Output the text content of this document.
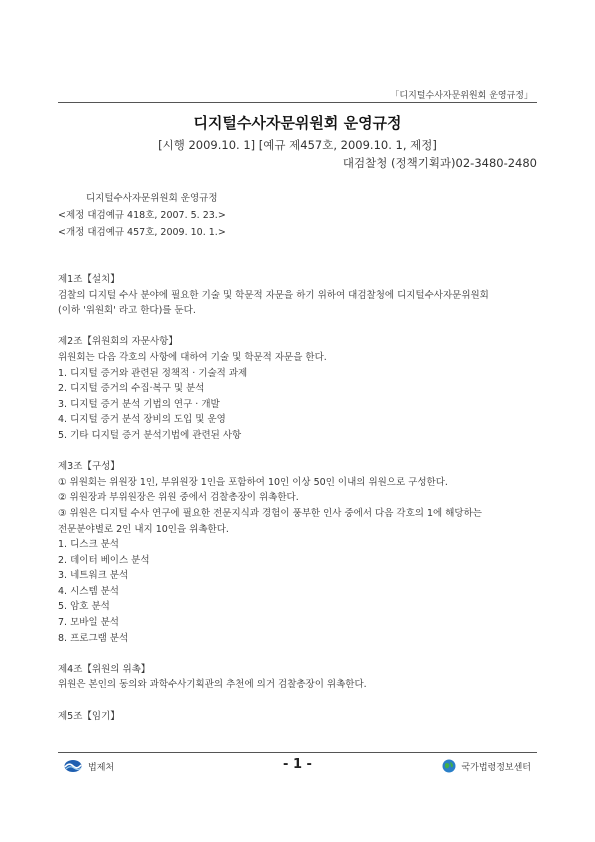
「디지털수사자문위원회 운영규정」
디지털수사자문위원회 운영규정
[시행 2009.10. 1] [예규 제457호, 2009.10. 1, 제정]
대검찰청 (정책기획과)02-3480-2480
디지털수사자문위원회 운영규정
<제정 대검예규 418호, 2007. 5. 23.>
<개정 대검예규 457호, 2009. 10. 1.>
제1조【설치】
검찰의 디지털 수사 분야에 필요한 기술 및 학문적 자문을 하기 위하여 대검찰청에 디지털수사자문위원회
(이하 '위원회' 라고 한다)를 둔다.
제2조【위원회의 자문사항】
위원회는 다음 각호의 사항에 대하여 기술 및 학문적 자문을 한다.
1. 디지털 증거와 관련된 정책적 · 기술적 과제
2. 디지털 증거의 수집·복구 및 분석
3. 디지털 증거 분석 기법의 연구 · 개발
4. 디지털 증거 분석 장비의 도입 및 운영
5. 기타 디지털 증거 분석기법에 관련된 사항
제3조【구성】
① 위원회는 위원장 1인, 부위원장 1인을 포함하여 10인 이상 50인 이내의 위원으로 구성한다.
② 위원장과 부위원장은 위원 중에서 검찰총장이 위촉한다.
③ 위원은 디지털 수사 연구에 필요한 전문지식과 경험이 풍부한 인사 중에서 다음 각호의 1에 해당하는
전문분야별로 2인 내지 10인을 위촉한다.
1. 디스크 분석
2. 데이터 베이스 분석
3. 네트워크 분석
4. 시스템 분석
5. 암호 분석
7. 모바일 분석
8. 프로그램 분석
제4조【위원의 위촉】
위원은 본인의 동의와 과학수사기획관의 추천에 의거 검찰총장이 위촉한다.
제5조【임기】
법제처	- 1 -	국가법령정보센터
